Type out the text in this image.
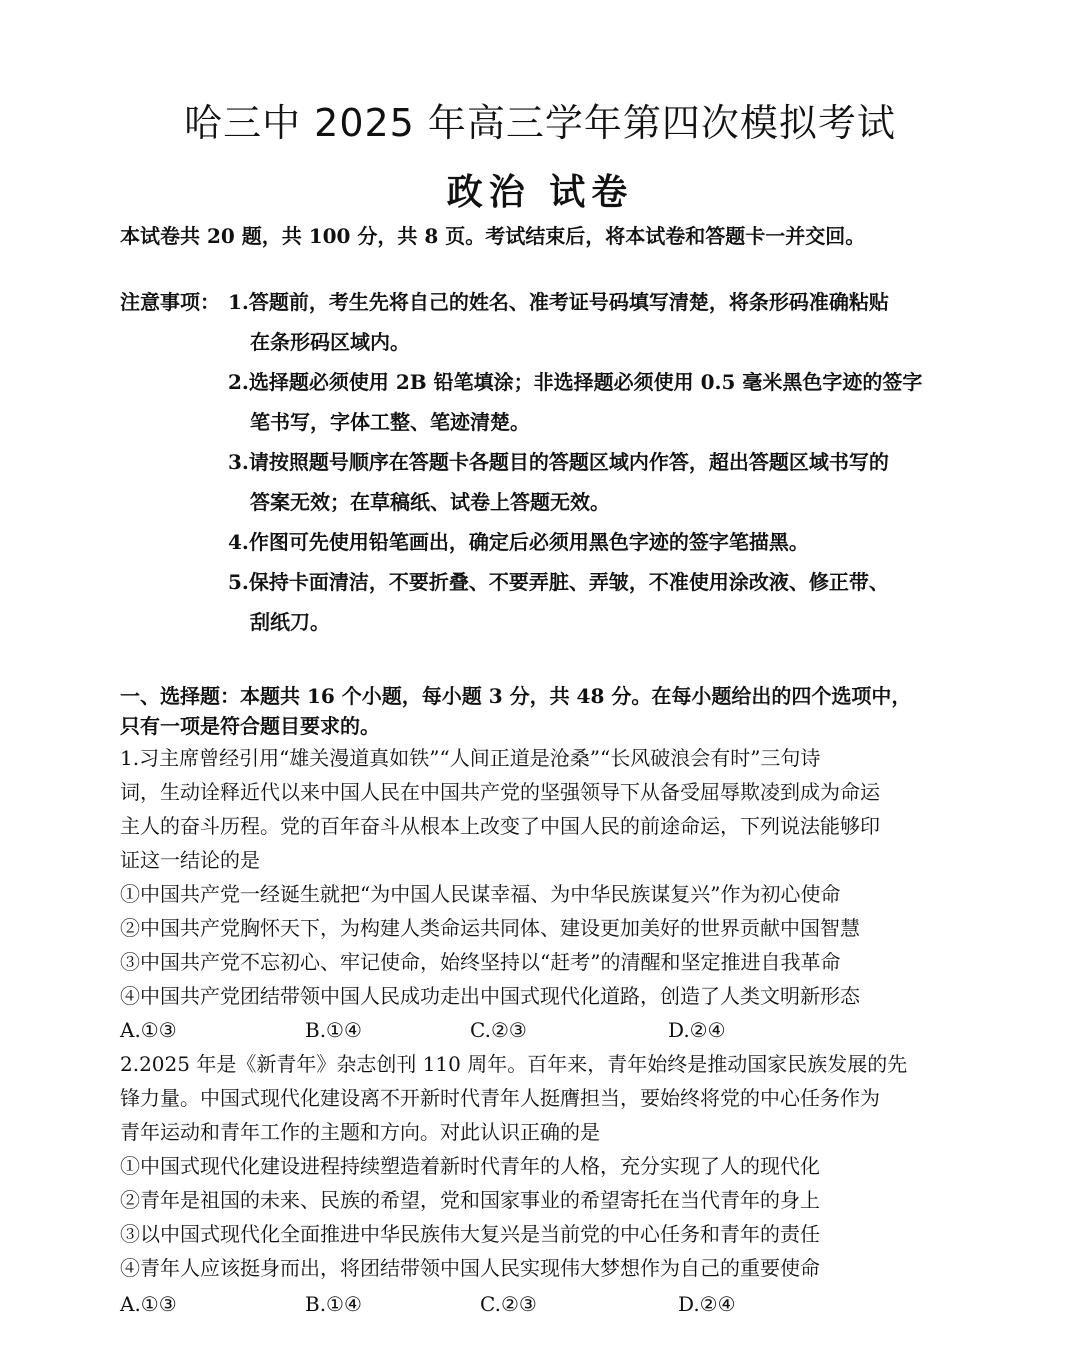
哈三中 2025 年高三学年第四次模拟考试
政治 试卷
本试卷共 20 题，共 100 分，共 8 页。考试结束后，将本试卷和答题卡一并交回。
注意事项： 1.答题前，考生先将自己的姓名、准考证号码填写清楚，将条形码准确粘贴
在条形码区域内。
2.选择题必须使用 2B 铅笔填涂；非选择题必须使用 0.5 毫米黑色字迹的签字
笔书写，字体工整、笔迹清楚。
3.请按照题号顺序在答题卡各题目的答题区域内作答，超出答题区域书写的
答案无效；在草稿纸、试卷上答题无效。
4.作图可先使用铅笔画出，确定后必须用黑色字迹的签字笔描黑。
5.保持卡面清洁，不要折叠、不要弄脏、弄皱，不准使用涂改液、修正带、
刮纸刀。
一、选择题：本题共 16 个小题，每小题 3 分，共 48 分。在每小题给出的四个选项中，
只有一项是符合题目要求的。
1.习主席曾经引用“雄关漫道真如铁”“人间正道是沧桑”“长风破浪会有时”三句诗
词，生动诠释近代以来中国人民在中国共产党的坚强领导下从备受屈辱欺凌到成为命运
主人的奋斗历程。党的百年奋斗从根本上改变了中国人民的前途命运，下列说法能够印
证这一结论的是
①中国共产党一经诞生就把“为中国人民谋幸福、为中华民族谋复兴”作为初心使命
②中国共产党胸怀天下，为构建人类命运共同体、建设更加美好的世界贡献中国智慧
③中国共产党不忘初心、牢记使命，始终坚持以“赶考”的清醒和坚定推进自我革命
④中国共产党团结带领中国人民成功走出中国式现代化道路，创造了人类文明新形态
A.①③	B.①④	C.②③	D.②④
2.2025 年是《新青年》杂志创刊 110 周年。百年来，青年始终是推动国家民族发展的先
锋力量。中国式现代化建设离不开新时代青年人挺膺担当，要始终将党的中心任务作为
青年运动和青年工作的主题和方向。对此认识正确的是
①中国式现代化建设进程持续塑造着新时代青年的人格，充分实现了人的现代化
②青年是祖国的未来、民族的希望，党和国家事业的希望寄托在当代青年的身上
③以中国式现代化全面推进中华民族伟大复兴是当前党的中心任务和青年的责任
④青年人应该挺身而出，将团结带领中国人民实现伟大梦想作为自己的重要使命
A.①③	B.①④	C.②③	D.②④
